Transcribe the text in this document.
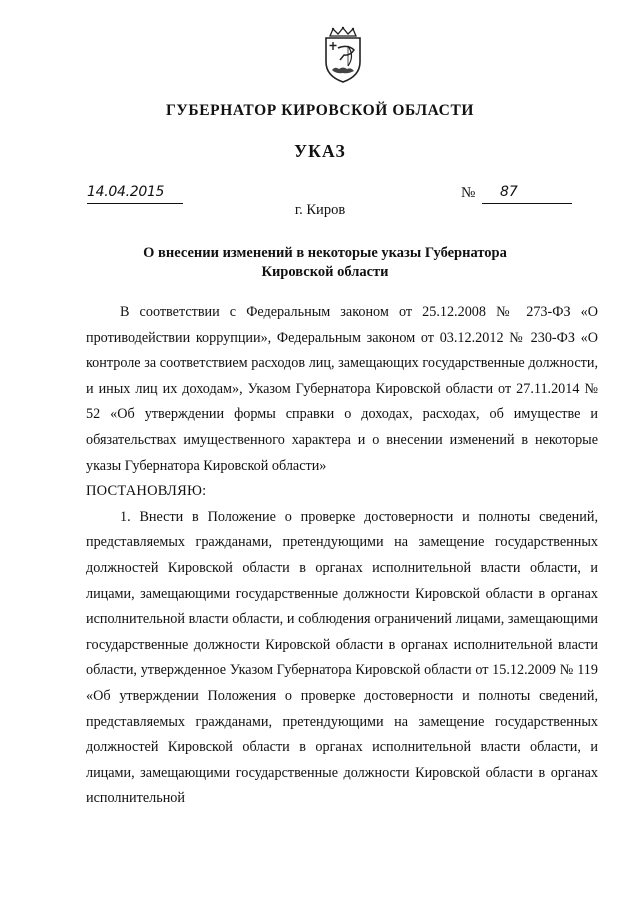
ГУБЕРНАТОР КИРОВСКОЙ ОБЛАСТИ
УКАЗ
14.04.2015	№ 87
г. Киров
О внесении изменений в некоторые указы Губернатора
Кировской области

В соответствии с Федеральным законом от 25.12.2008 № 273-ФЗ «О противодействии коррупции», Федеральным законом от 03.12.2012 № 230-ФЗ «О контроле за соответствием расходов лиц, замещающих государственные должности, и иных лиц их доходам», Указом Губернатора Кировской области от 27.11.2014 № 52 «Об утверждении формы справки о доходах, расходах, об имуществе и обязательствах имущественного характера и о внесении изменений в некоторые указы Губернатора Кировской области»

ПОСТАНОВЛЯЮ:

1. Внести в Положение о проверке достоверности и полноты сведений, представляемых гражданами, претендующими на замещение государственных должностей Кировской области в органах исполнительной власти области, и лицами, замещающими государственные должности Кировской области в органах исполнительной власти области, и соблюдения ограничений лицами, замещающими государственные должности Кировской области в органах исполнительной власти области, утвержденное Указом Губернатора Кировской области от 15.12.2009 № 119 «Об утверждении Положения о проверке достоверности и полноты сведений, представляемых гражданами, претендующими на замещение государственных должностей Кировской области в органах исполнительной власти области, и лицами, замещающими государственные должности Кировской области в органах исполнительной
